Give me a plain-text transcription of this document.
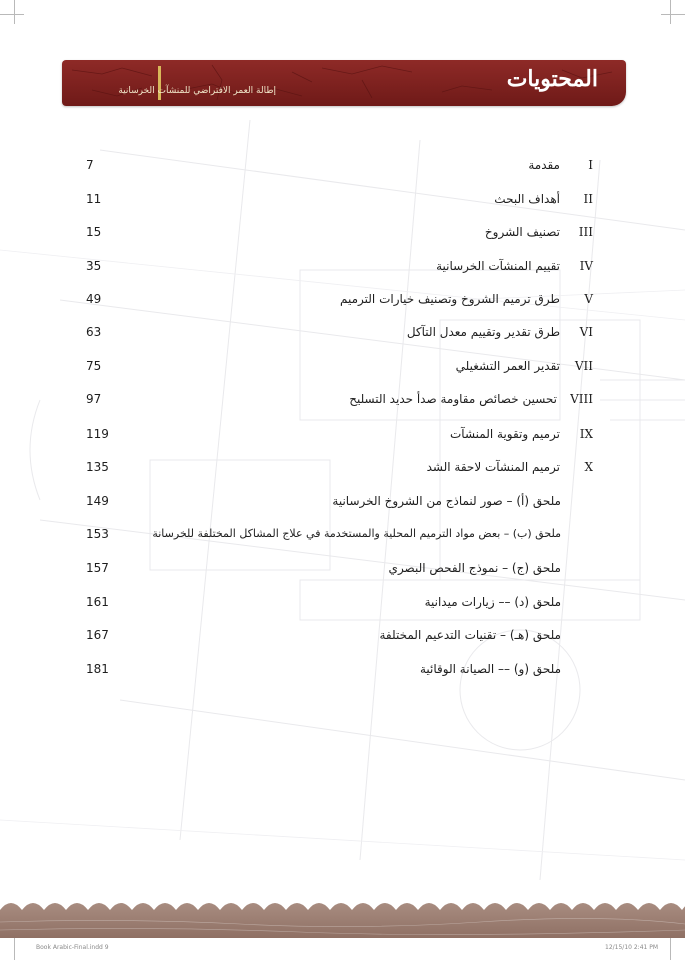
إطالة العمر الافتراضي للمنشآت الخرسانية	المحتويات
7	مقدمة	I
11	أهداف البحث	II
15	تصنيف الشروخ	III
35	تقييم المنشآت الخرسانية	IV
49	طرق ترميم الشروخ وتصنيف خيارات الترميم	V
63	طرق تقدير وتقييم معدل التآكل	VI
75	تقدير العمر التشغيلي	VII
97	تحسين خصائص مقاومة صدأ حديد التسليح	VIII
119	ترميم وتقوية المنشآت	IX
135	ترميم المنشآت لاحقة الشد	X
149	ملحق (أ) – صور لنماذج من الشروخ الخرسانية
153	ملحق (ب) – بعض مواد الترميم المحلية والمستخدمة في علاج المشاكل المختلفة للخرسانة
157	ملحق (ج) – نموذج الفحص البصري
161	ملحق (د) –– زيارات ميدانية
167	ملحق (هـ) – تقنيات التدعيم المختلفة
181	ملحق (و) –– الصيانة الوقائية
Book Arabic-Final.indd 9	12/15/10 2:41 PM
